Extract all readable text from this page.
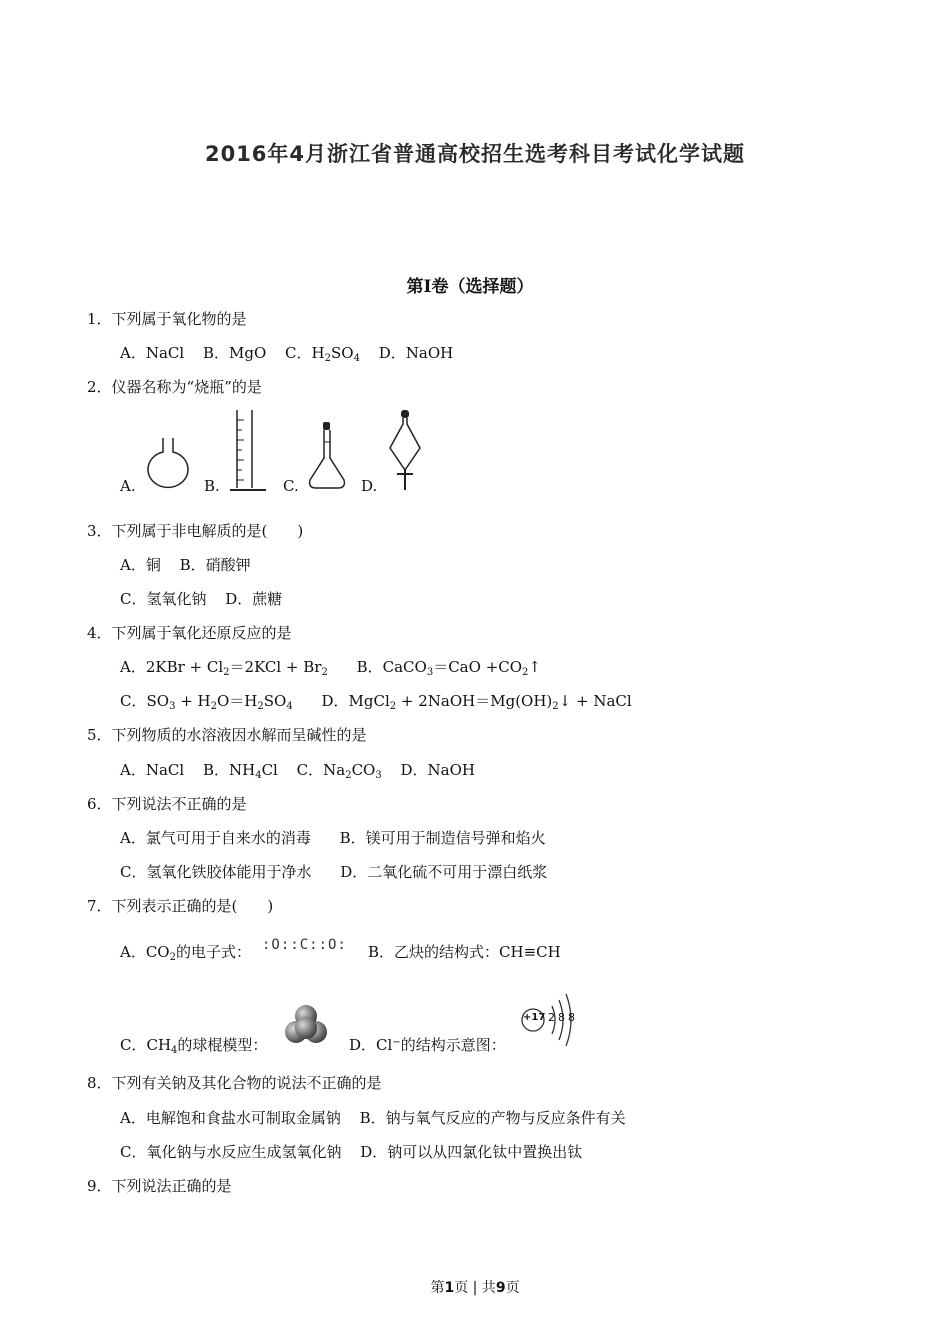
2016年4月浙江省普通高校招生选考科目考试化学试题
第I卷（选择题）
1．下列属于氧化物的是
A．NaCl B．MgO C．$H_2SO_4$ D．NaOH
2．仪器名称为“烧瓶”的是
A.	B.	C.	D.
3．下列属于非电解质的是(　　)
A．铜 B．硝酸钾
C．氢氧化钠 D．蔗糖
4．下列属于氧化还原反应的是
A．$2KBr + Cl_2=2KCl + Br_2$ B．CaCO$_3$＝CaO $+CO_2↑$
C．$SO_3 + H_2O=H_2SO_4$ D．MgCl$_2$ + $2NaOH=Mg(OH)_2↓$ + NaCl
5．下列物质的水溶液因水解而呈碱性的是
A．NaCl B．$NH_4Cl$ C．$Na_2CO_3$ D．NaOH
6．下列说法不正确的是
A．氯气可用于自来水的消毒 B．镁可用于制造信号弹和焰火
C．氢氧化铁胶体能用于净水 D．二氧化硫不可用于漂白纸浆
7．下列表示正确的是(　　)
A．$CO_2$的电子式： :O::C::O: B．乙炔的结构式：CH≡CH
C．$CH_4$的球棍模型：	D．Cl−的结构示意图：
+17 288
8．下列有关钠及其化合物的说法不正确的是
A．电解饱和食盐水可制取金属钠 B．钠与氧气反应的产物与反应条件有关
C．氧化钠与水反应生成氢氧化钠 D．钠可以从四氯化钛中置换出钛
9．下列说法正确的是
第1页 | 共9页
